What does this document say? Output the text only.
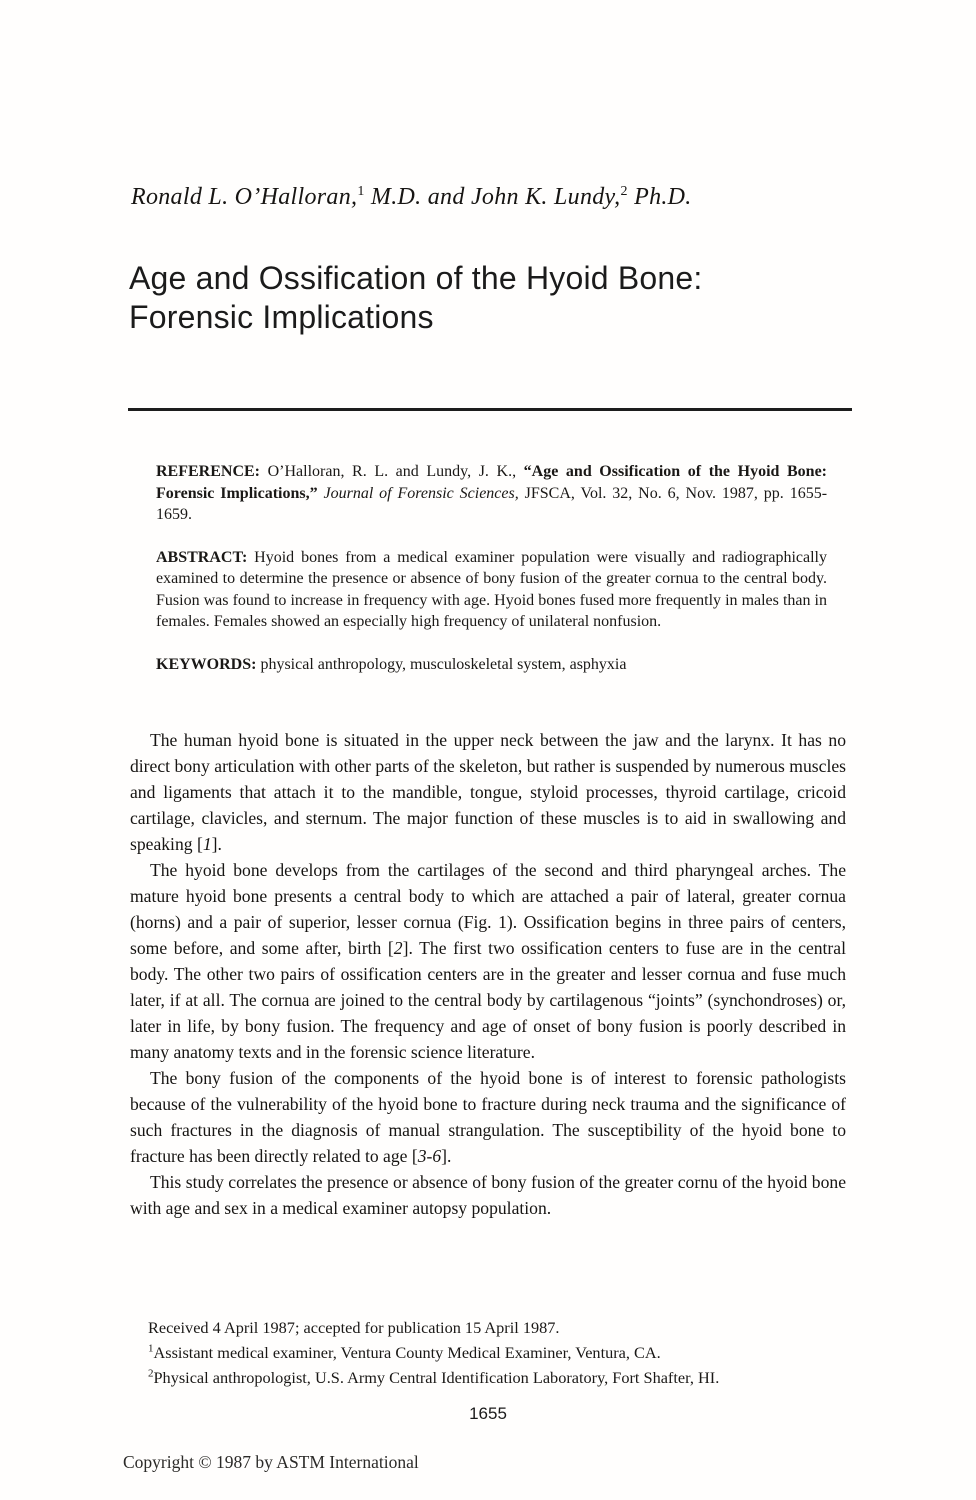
Ronald L. O’Halloran,$^1$ M.D. and John K. Lundy,$^2$ Ph.D.
Age and Ossification of the Hyoid Bone:
Forensic Implications

REFERENCE: O’Halloran, R. L. and Lundy, J. K., “Age and Ossification of the Hyoid Bone: Forensic Implications,” Journal of Forensic Sciences, JFSCA, Vol. 32, No. 6, Nov. 1987, pp. 1655-1659.

ABSTRACT: Hyoid bones from a medical examiner population were visually and radiographically examined to determine the presence or absence of bony fusion of the greater cornua to the central body. Fusion was found to increase in frequency with age. Hyoid bones fused more frequently in males than in females. Females showed an especially high frequency of unilateral nonfusion.

KEYWORDS: physical anthropology, musculoskeletal system, asphyxia

The human hyoid bone is situated in the upper neck between the jaw and the larynx. It has no direct bony articulation with other parts of the skeleton, but rather is suspended by numerous muscles and ligaments that attach it to the mandible, tongue, styloid processes, thyroid cartilage, cricoid cartilage, clavicles, and sternum. The major function of these muscles is to aid in swallowing and speaking [1].

The hyoid bone develops from the cartilages of the second and third pharyngeal arches. The mature hyoid bone presents a central body to which are attached a pair of lateral, greater cornua (horns) and a pair of superior, lesser cornua (Fig. 1). Ossification begins in three pairs of centers, some before, and some after, birth [2]. The first two ossification centers to fuse are in the central body. The other two pairs of ossification centers are in the greater and lesser cornua and fuse much later, if at all. The cornua are joined to the central body by cartilagenous “joints” (synchondroses) or, later in life, by bony fusion. The frequency and age of onset of bony fusion is poorly described in many anatomy texts and in the forensic science literature.

The bony fusion of the components of the hyoid bone is of interest to forensic pathologists because of the vulnerability of the hyoid bone to fracture during neck trauma and the significance of such fractures in the diagnosis of manual strangulation. The susceptibility of the hyoid bone to fracture has been directly related to age [3-6].

This study correlates the presence or absence of bony fusion of the greater cornu of the hyoid bone with age and sex in a medical examiner autopsy population.

Received 4 April 1987; accepted for publication 15 April 1987.

$^1$Assistant medical examiner, Ventura County Medical Examiner, Ventura, CA.

$^2$Physical anthropologist, U.S. Army Central Identification Laboratory, Fort Shafter, HI.

1655
Copyright © 1987 by ASTM International
